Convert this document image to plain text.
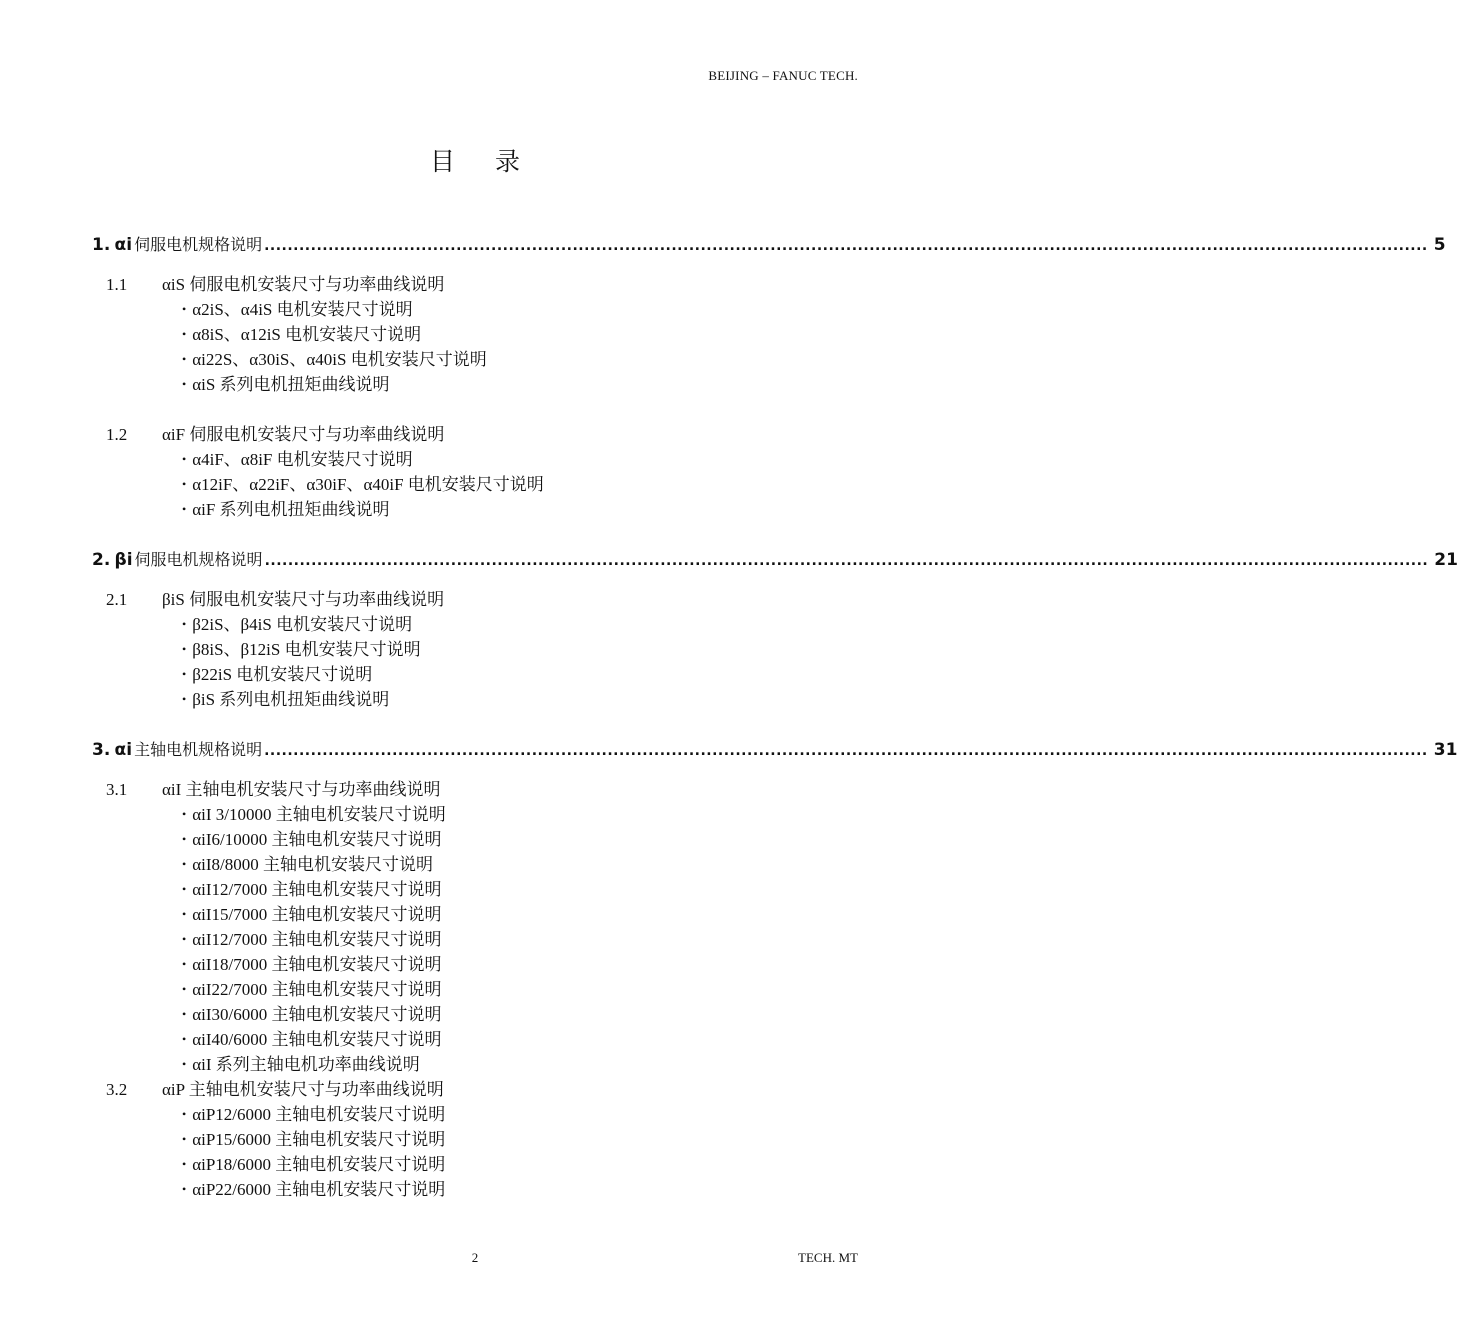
BEIJING – FANUC TECH.
目录
1.
αi 伺服电机规格说明 ........................................................................................................................................................................................................ 5
1.1 αiS 伺服电机安装尺寸与功率曲线说明
• α2iS、α4iS 电机安装尺寸说明
• α8iS、α12iS 电机安装尺寸说明
• αi22S、α30iS、α40iS 电机安装尺寸说明
• αiS 系列电机扭矩曲线说明
1.2 αiF 伺服电机安装尺寸与功率曲线说明
• α4iF、α8iF 电机安装尺寸说明
• α12iF、α22iF、α30iF、α40iF 电机安装尺寸说明
• αiF 系列电机扭矩曲线说明
2.
βi 伺服电机规格说明 ........................................................................................................................................................................................................ 21
2.1 βiS 伺服电机安装尺寸与功率曲线说明
• β2iS、β4iS 电机安装尺寸说明
• β8iS、β12iS 电机安装尺寸说明
• β22iS 电机安装尺寸说明
• βiS 系列电机扭矩曲线说明
3.
αi 主轴电机规格说明 ........................................................................................................................................................................................................ 31
3.1 αiI 主轴电机安装尺寸与功率曲线说明
• αiI 3/10000 主轴电机安装尺寸说明
• αiI6/10000 主轴电机安装尺寸说明
• αiI8/8000 主轴电机安装尺寸说明
• αiI12/7000 主轴电机安装尺寸说明
• αiI15/7000 主轴电机安装尺寸说明
• αiI12/7000 主轴电机安装尺寸说明
• αiI18/7000 主轴电机安装尺寸说明
• αiI22/7000 主轴电机安装尺寸说明
• αiI30/6000 主轴电机安装尺寸说明
• αiI40/6000 主轴电机安装尺寸说明
• αiI 系列主轴电机功率曲线说明
3.2 αiP 主轴电机安装尺寸与功率曲线说明
• αiP12/6000 主轴电机安装尺寸说明
• αiP15/6000 主轴电机安装尺寸说明
• αiP18/6000 主轴电机安装尺寸说明
• αiP22/6000 主轴电机安装尺寸说明
2	TECH. MT
